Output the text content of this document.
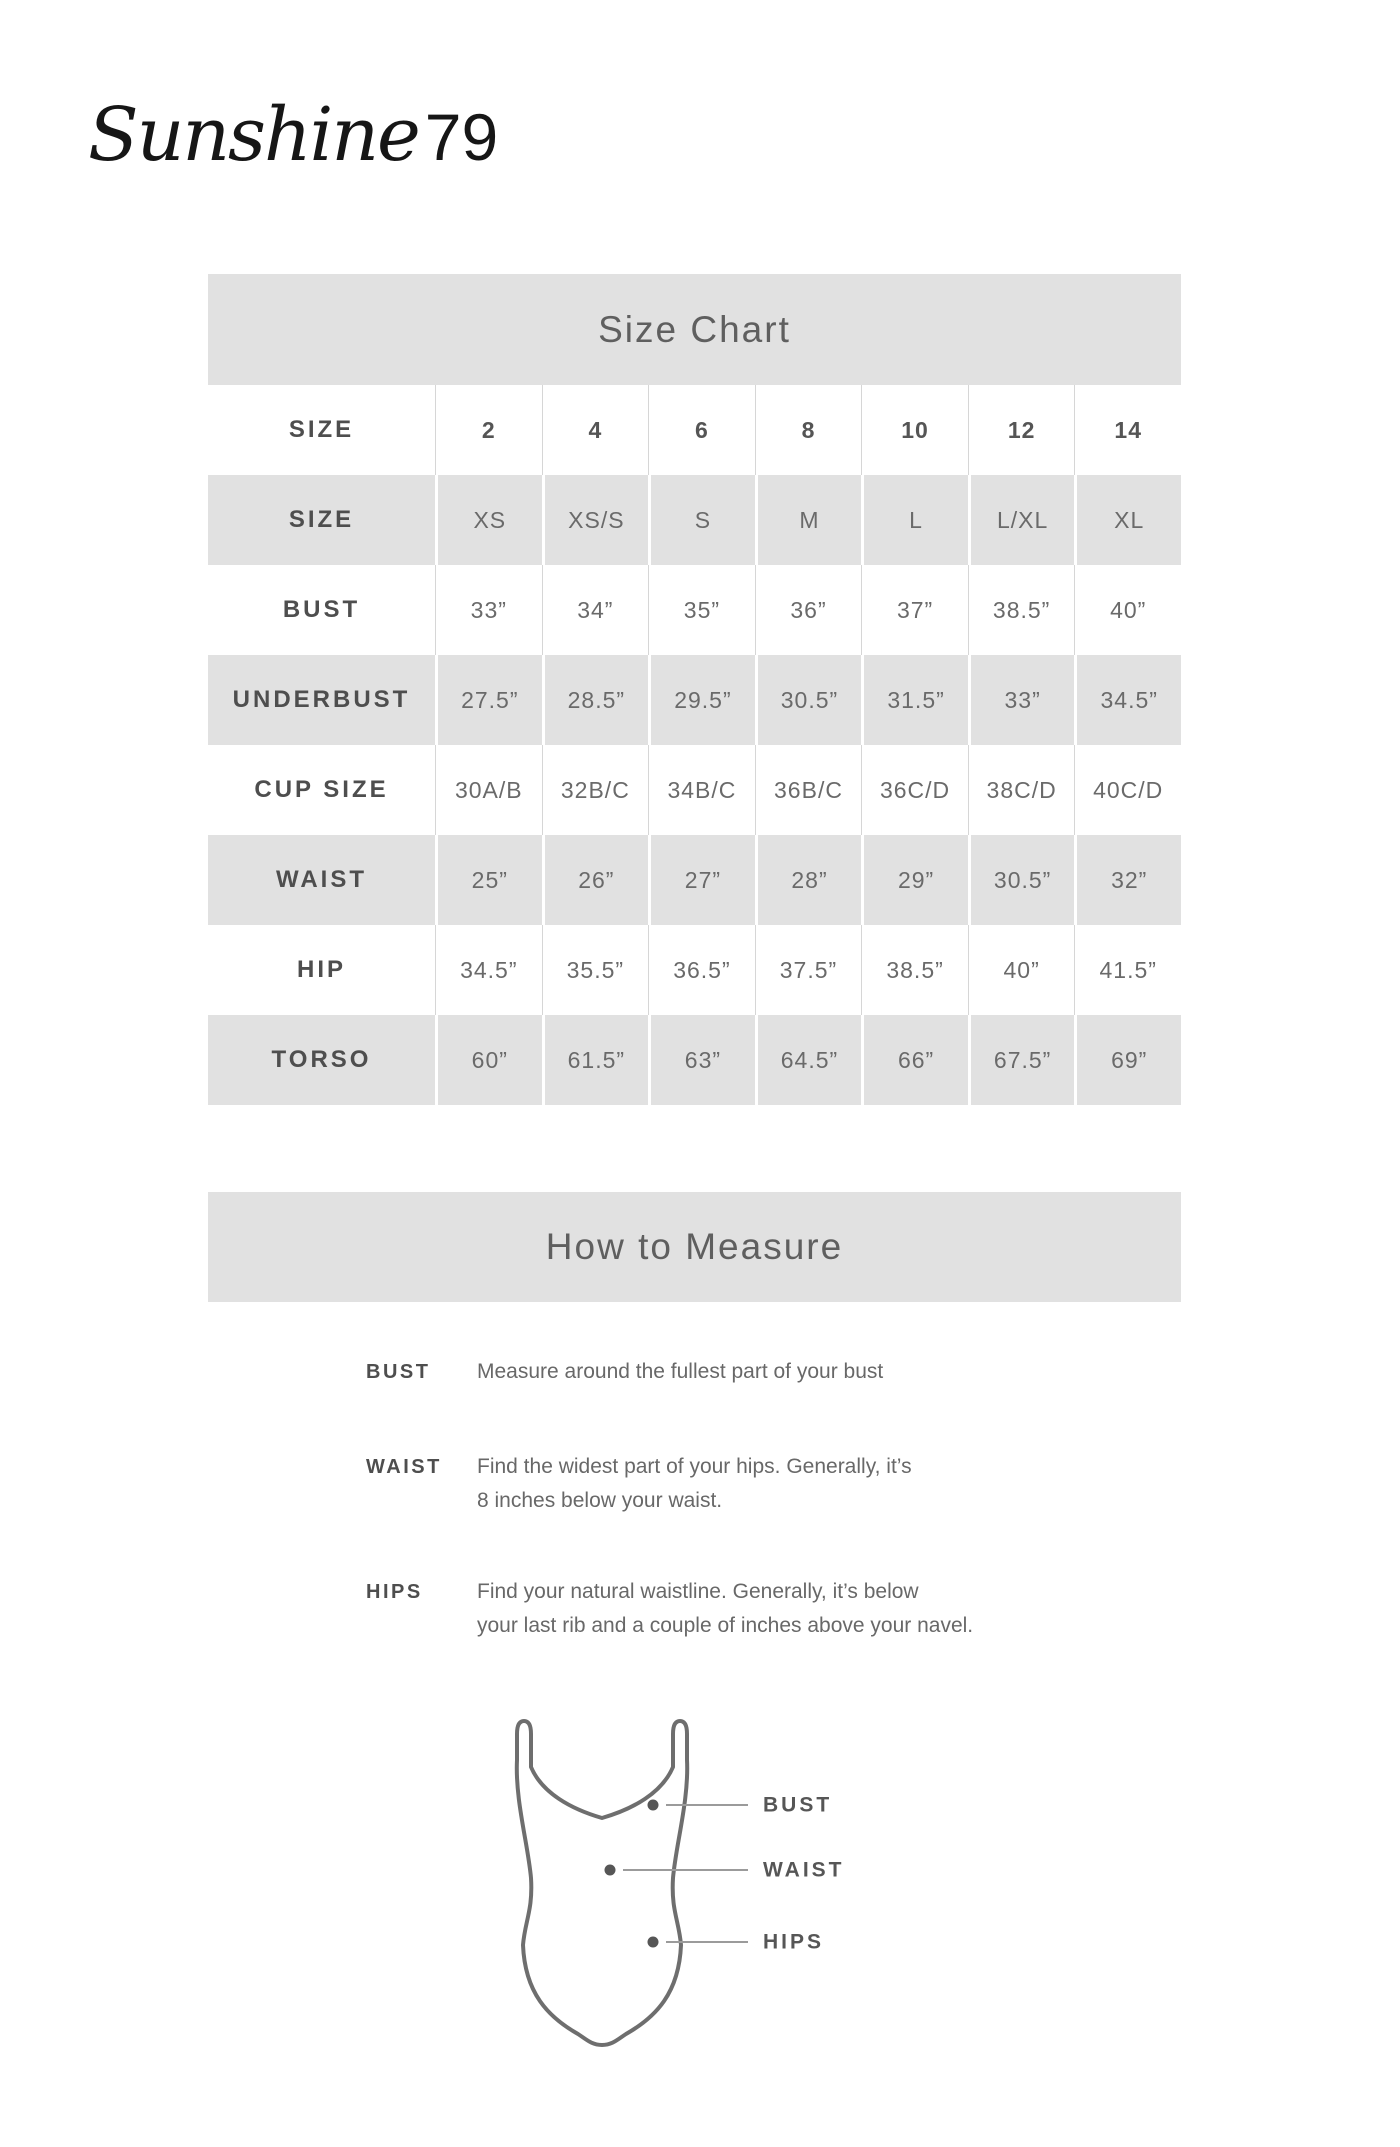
Sunshine79
Size Chart
SIZE	2	4	6	8	10	12	14
SIZE	XS	XS/S	S	M	L	L/XL	XL
BUST	33”	34”	35”	36”	37”	38.5”	40”
UNDERBUST	27.5”	28.5”	29.5”	30.5”	31.5”	33”	34.5”
CUP SIZE	30A/B	32B/C	34B/C	36B/C	36C/D	38C/D	40C/D
WAIST	25”	26”	27”	28”	29”	30.5”	32”
HIP	34.5”	35.5”	36.5”	37.5”	38.5”	40”	41.5”
TORSO	60”	61.5”	63”	64.5”	66”	67.5”	69”
How to Measure
BUST	Measure around the fullest part of your bust
WAIST	Find the widest part of your hips. Generally, it’s
8 inches below your waist.
HIPS	Find your natural waistline. Generally, it’s below
your last rib and a couple of inches above your navel.
BUST
WAIST
HIPS
